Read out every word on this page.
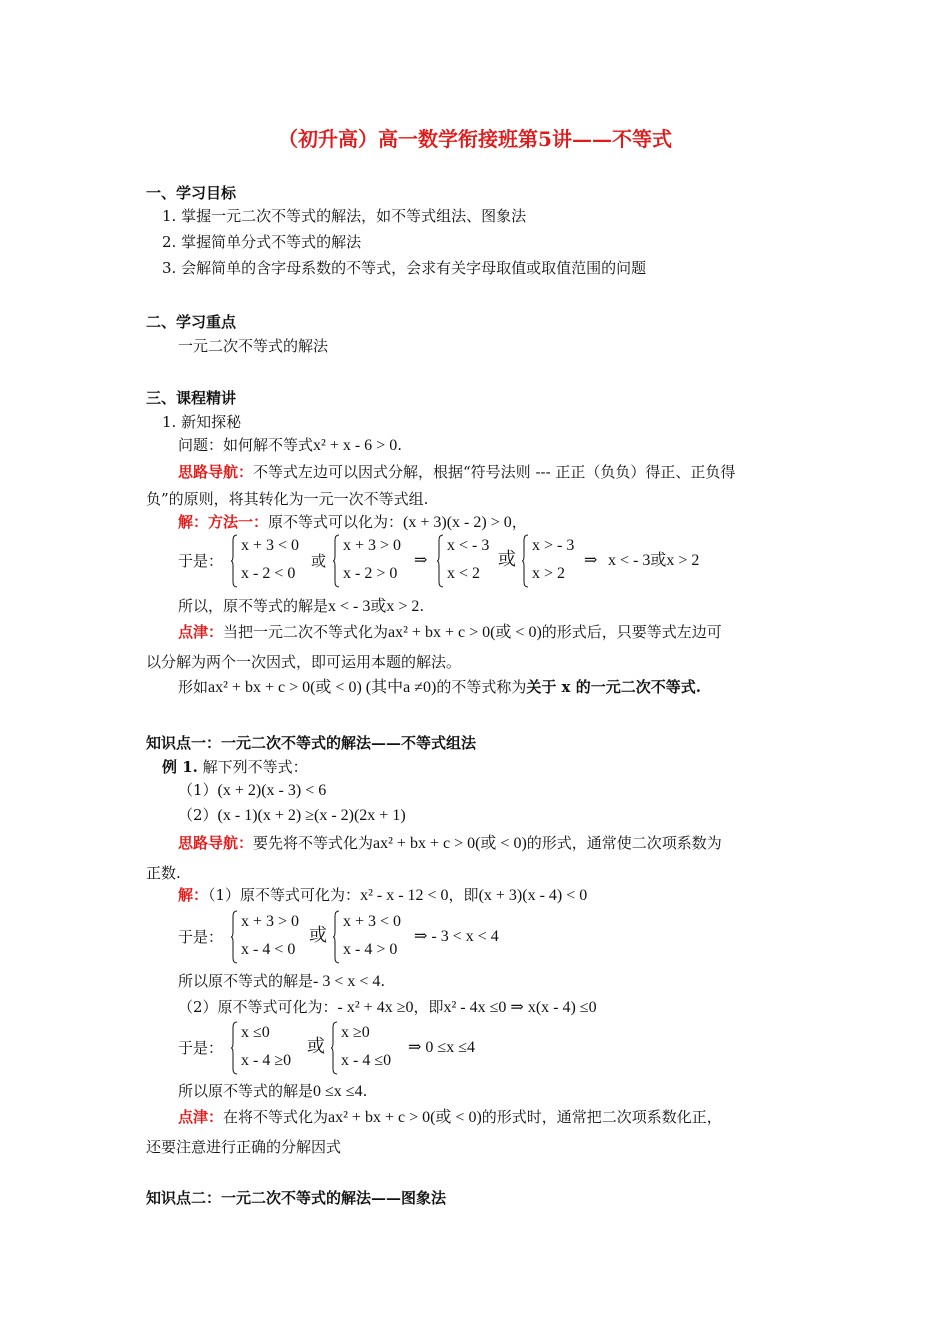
（初升高）高一数学衔接班第5讲——不等式
一、学习目标
1. 掌握一元二次不等式的解法，如不等式组法、图象法
2. 掌握简单分式不等式的解法
3. 会解简单的含字母系数的不等式，会求有关字母取值或取值范围的问题
二、学习重点
一元二次不等式的解法
三、课程精讲
1. 新知探秘
问题：如何解不等式x² + x - 6 > 0.
思路导航：不等式左边可以因式分解，根据“符号法则 --- 正正（负负）得正、正负得
负”的原则，将其转化为一元一次不等式组.
解：方法一：原不等式可以化为：(x + 3)(x - 2) > 0，
于是：
x + 3 < 0
x - 2 < 0
或
x + 3 > 0
x - 2 > 0
⇒
x < - 3
x < 2
或
x > - 3
x > 2
⇒ x < - 3或x > 2
所以，原不等式的解是x < - 3或x > 2.
点津：当把一元二次不等式化为ax² + bx + c > 0(或 < 0)的形式后，只要等式左边可
以分解为两个一次因式，即可运用本题的解法。
形如ax² + bx + c > 0(或 < 0) (其中a ≠0)的不等式称为关于 x 的一元二次不等式.
知识点一：一元二次不等式的解法——不等式组法
例 1. 解下列不等式：
（1）(x + 2)(x - 3) < 6
（2）(x - 1)(x + 2) ≥(x - 2)(2x + 1)
思路导航：要先将不等式化为ax² + bx + c > 0(或 < 0)的形式，通常使二次项系数为
正数.
解：（1）原不等式可化为：x² - x - 12 < 0，即(x + 3)(x - 4) < 0
于是：
x + 3 > 0
x - 4 < 0
或
x + 3 < 0
x - 4 > 0
⇒ - 3 < x < 4
所以原不等式的解是- 3 < x < 4.
（2）原不等式可化为：- x² + 4x ≥0，即x² - 4x ≤0 ⇒ x(x - 4) ≤0
于是：
x ≤0
x - 4 ≥0
或
x ≥0
x - 4 ≤0
⇒ 0 ≤x ≤4
所以原不等式的解是0 ≤x ≤4.
点津：在将不等式化为ax² + bx + c > 0(或 < 0)的形式时，通常把二次项系数化正，
还要注意进行正确的分解因式
知识点二：一元二次不等式的解法——图象法
